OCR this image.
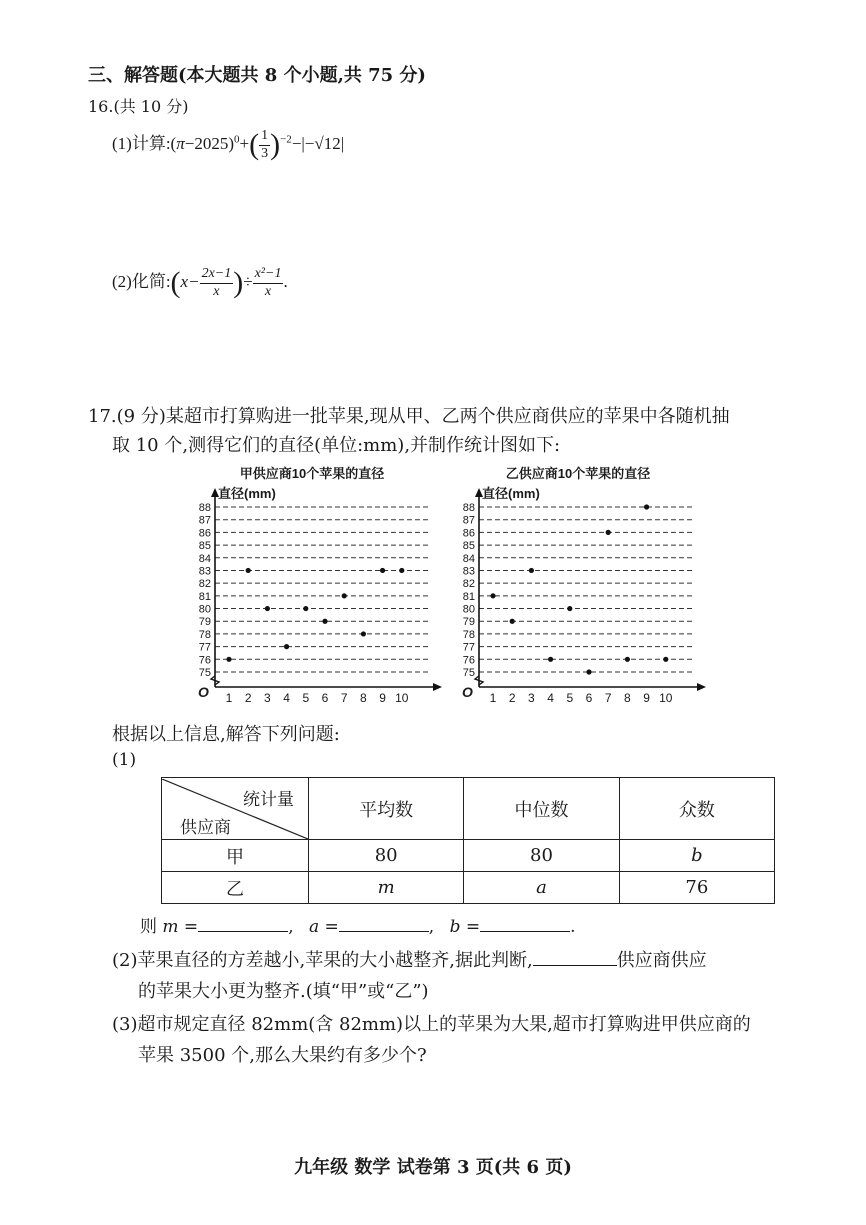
三、解答题(本大题共 8 个小题,共 75 分)
16.(共 10 分)
(1)计算$:(\pi-2025)^0+( \frac{1}{3} )^{-2}-|-√12|$
(2)化简:(x− $\frac{2x-1}{x}$ )÷ $\frac{\text{x²−1}}{x}$ .
17.(9 分)某超市打算购进一批苹果,现从甲、乙两个供应商供应的苹果中各随机抽
取 10 个,测得它们的直径(单位:mm),并制作统计图如下:
甲供应商10个苹果的直径
直径(mm)
75
76
77
78
79
80
81
82
83
84
85
86
87
88
1 2 3 4 5 6 7 8 9 10
O
乙供应商10个苹果的直径
直径(mm)
75
76
77
78
79
80
81
82
83
84
85
86
87
88
1 2 3 4 5 6 7 8 9 10
O
根据以上信息,解答下列问题:
(1)
统计量
供应商	平均数	中位数	众数
甲	80	80	b
乙	m	a	76
则 m =	, a =	, b =	.
(2)苹果直径的方差越小,苹果的大小越整齐,据此判断,	供应商供应
的苹果大小更为整齐.(填“甲”或“乙”)
(3)超市规定直径 82mm(含 82mm)以上的苹果为大果,超市打算购进甲供应商的
苹果 3500 个,那么大果约有多少个?
九年级 数学 试卷第 3 页(共 6 页)
